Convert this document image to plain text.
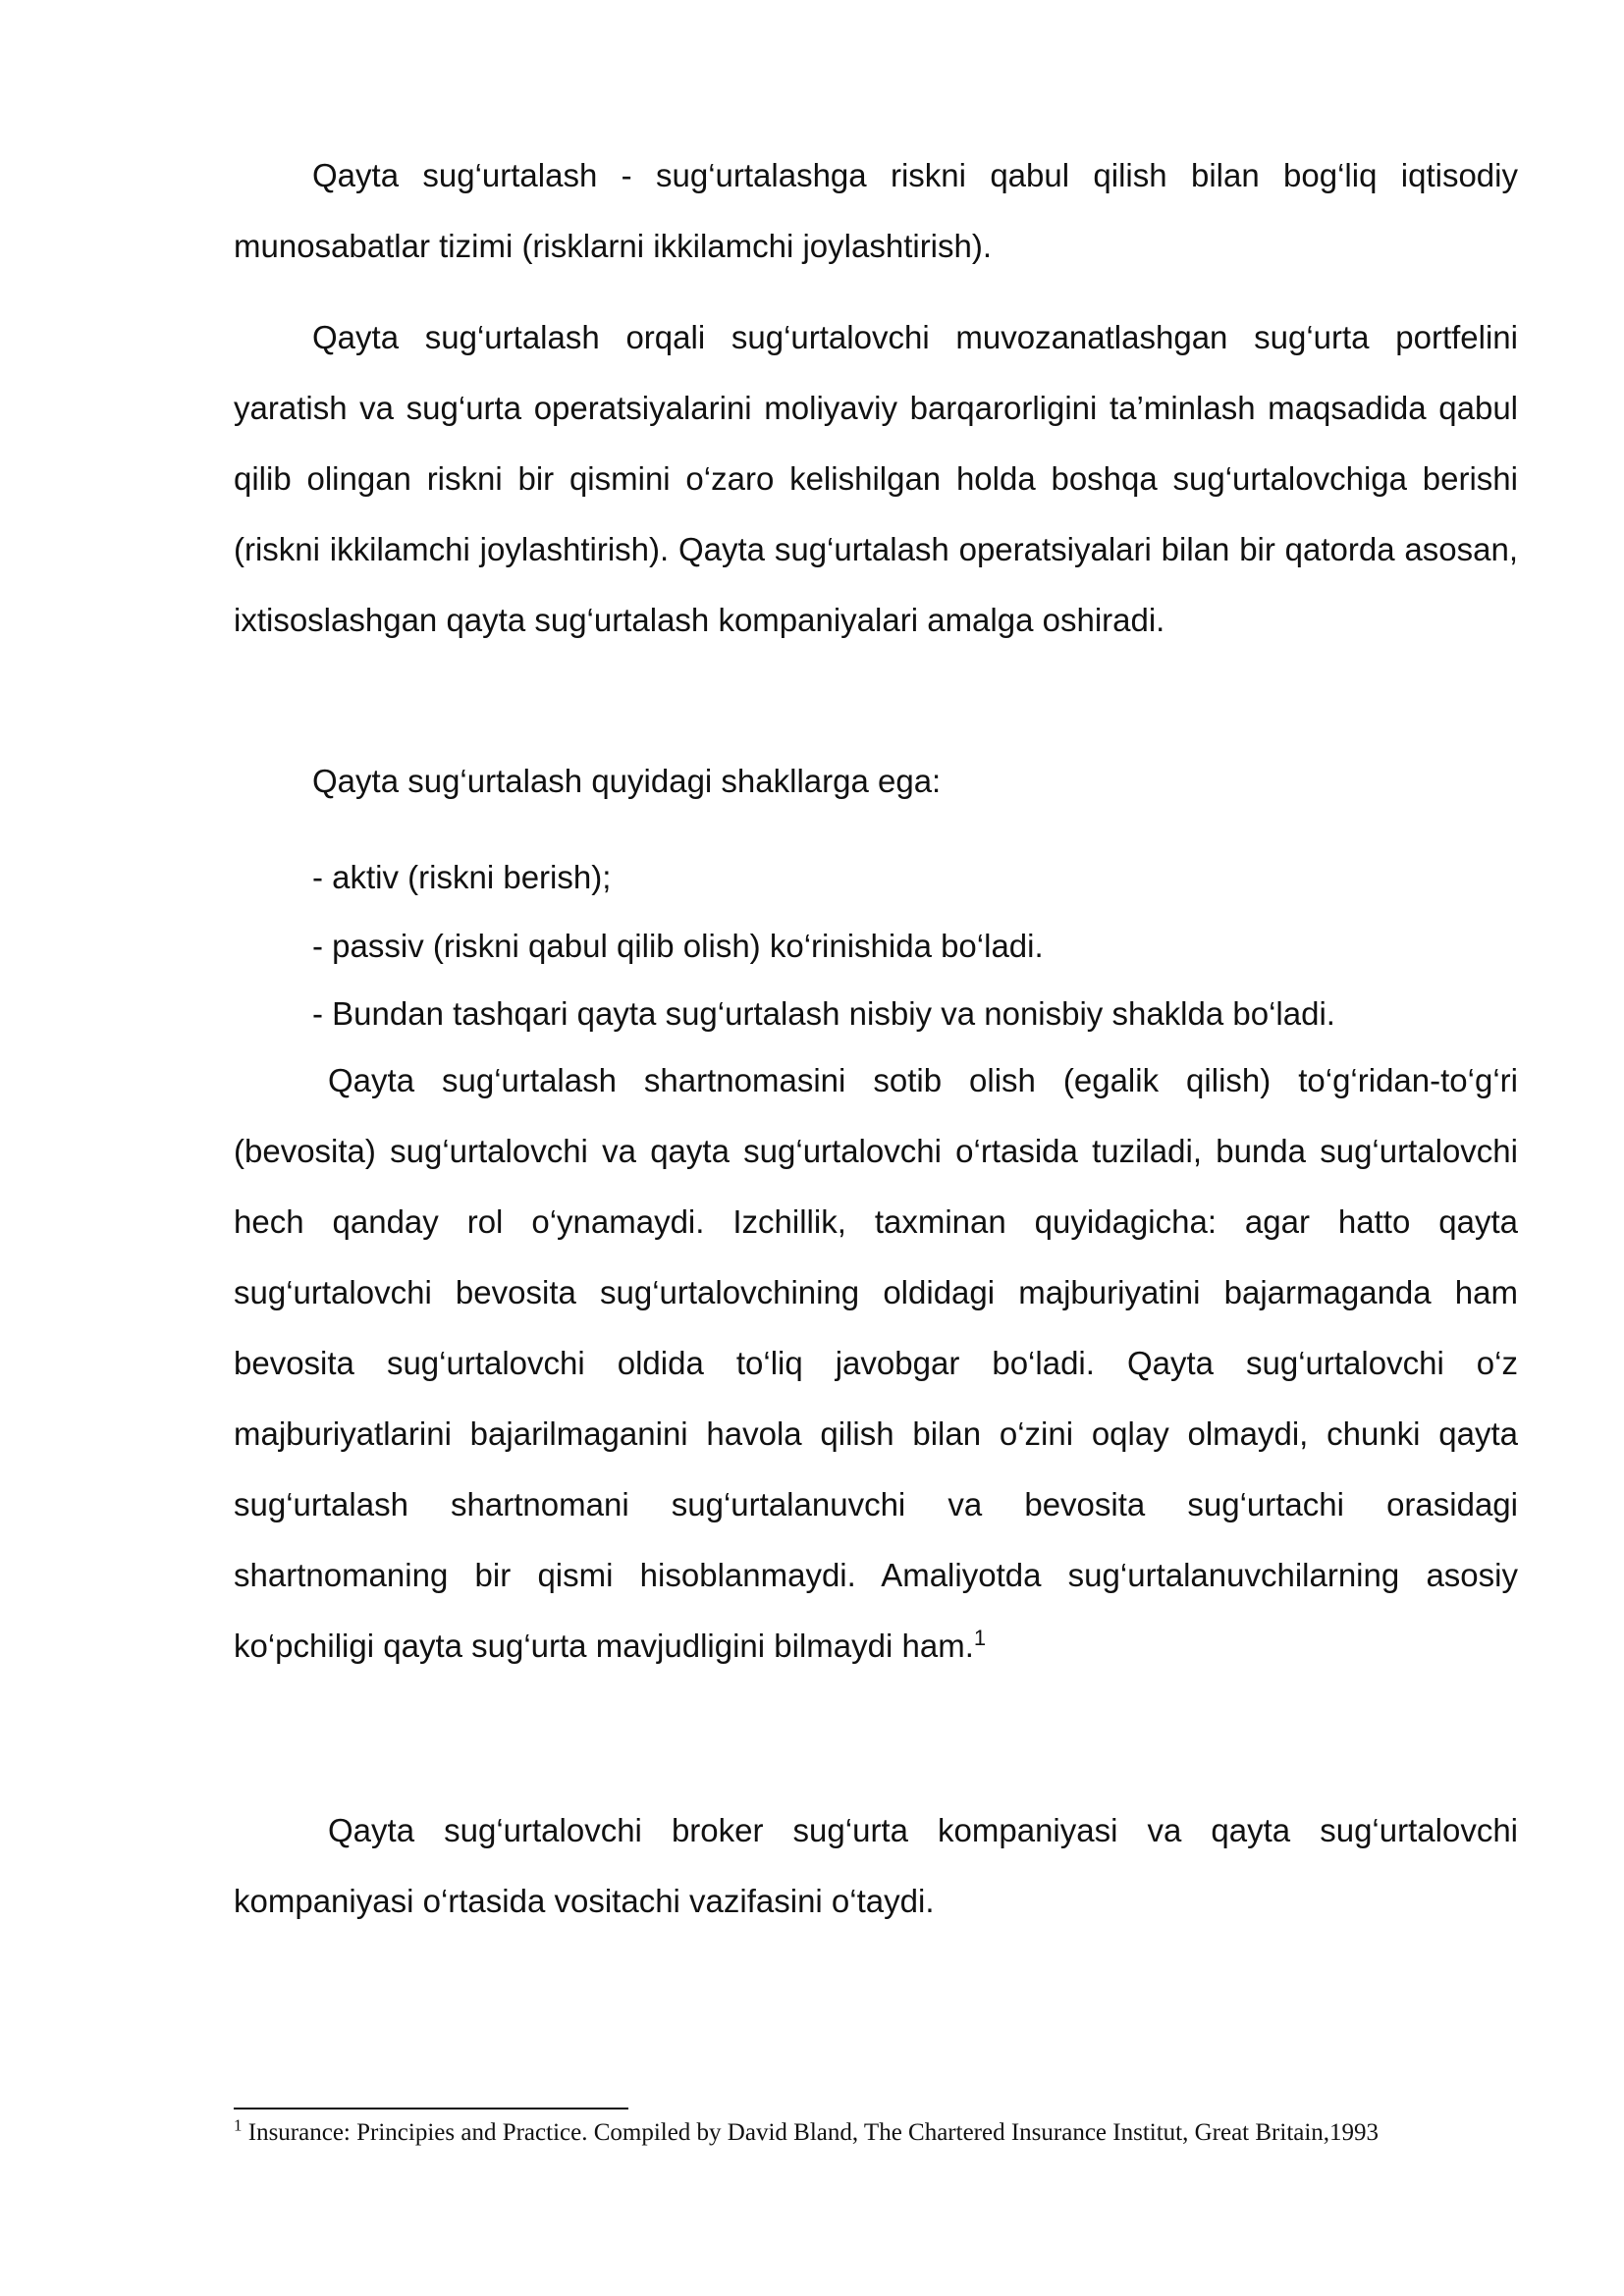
Qayta sug‘urtalash - sug‘urtalashga riskni qabul qilish bilan bog‘liq iqtisodiy munosabatlar tizimi (risklarni ikkilamchi joylashtirish).

Qayta sug‘urtalash orqali sug‘urtalovchi muvozanatlashgan sug‘urta portfelini yaratish va sug‘urta operatsiyalarini moliyaviy barqarorligini ta’minlash maqsadida qabul qilib olingan riskni bir qismini o‘zaro kelishilgan holda boshqa sug‘urtalovchiga berishi (riskni ikkilamchi joylashtirish). Qayta sug‘urtalash operatsiyalari bilan bir qatorda asosan, ixtisoslashgan qayta sug‘urtalash kompaniyalari amalga oshiradi.

Qayta sug‘urtalash quyidagi shakllarga ega:

- aktiv (riskni berish);
- passiv (riskni qabul qilib olish) ko‘rinishida bo‘ladi.
- Bundan tashqari qayta sug‘urtalash nisbiy va nonisbiy shaklda bo‘ladi.

Qayta sug‘urtalash shartnomasini sotib olish (egalik qilish) to‘g‘ridan-to‘g‘ri (bevosita) sug‘urtalovchi va qayta sug‘urtalovchi o‘rtasida tuziladi, bunda sug‘urtalovchi hech qanday rol o‘ynamaydi. Izchillik, taxminan quyidagicha: agar hatto qayta sug‘urtalovchi bevosita sug‘urtalovchining oldidagi majburiyatini bajarmaganda ham bevosita sug‘urtalovchi oldida to‘liq javobgar bo‘ladi. Qayta sug‘urtalovchi o‘z majburiyatlarini bajarilmaganini havola qilish bilan o‘zini oqlay olmaydi, chunki qayta sug‘urtalash shartnomani sug‘urtalanuvchi va bevosita sug‘urtachi orasidagi shartnomaning bir qismi hisoblanmaydi. Amaliyotda sug‘urtalanuvchilarning asosiy ko‘pchiligi qayta sug‘urta mavjudligini bilmaydi ham.$^1$

Qayta sug‘urtalovchi broker sug‘urta kompaniyasi va qayta sug‘urtalovchi kompaniyasi o‘rtasida vositachi vazifasini o‘taydi.

$^1$ Insurance: Principies and Practice. Compiled by David Bland, The Chartered Insurance Institut, Great Britain,1993
